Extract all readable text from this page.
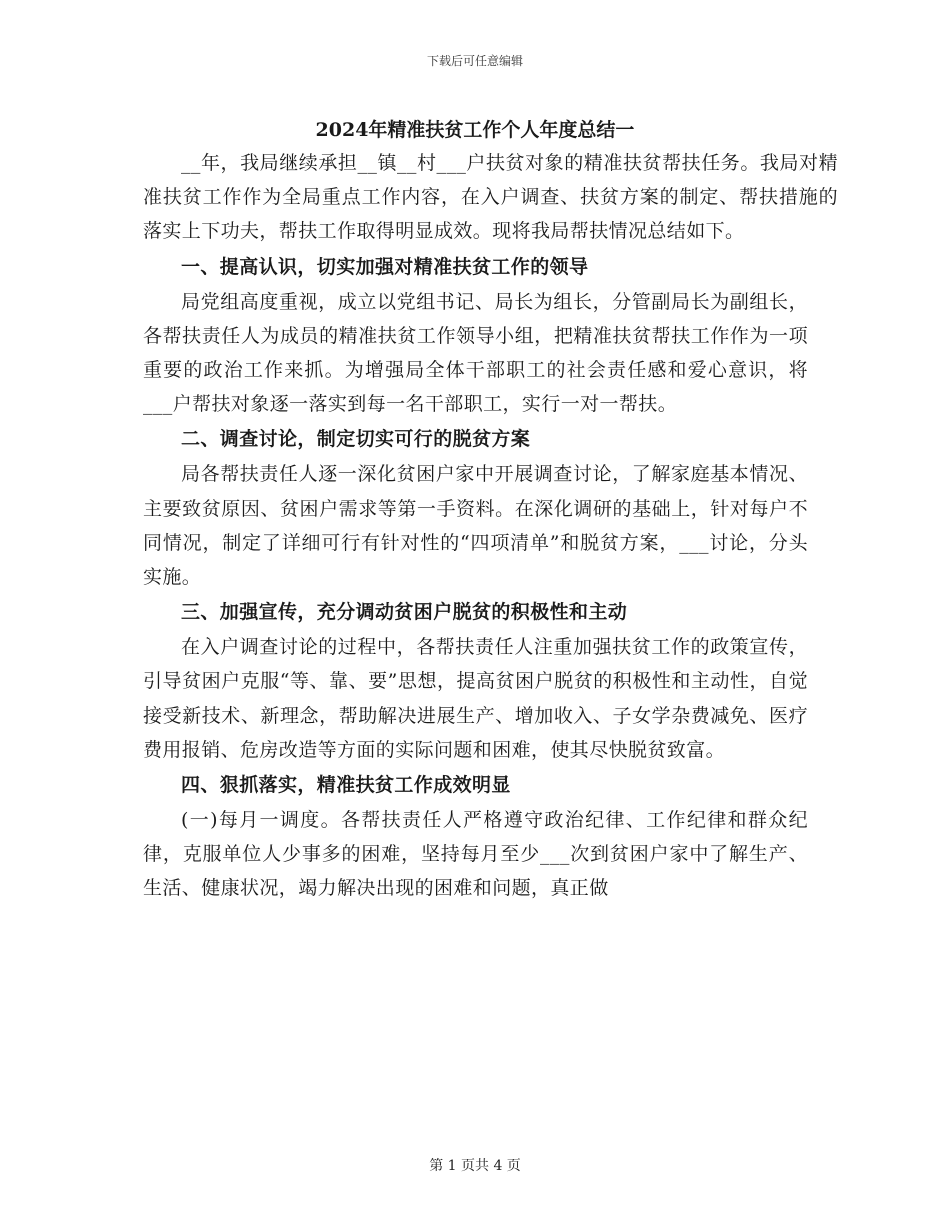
下载后可任意编辑
2024年精准扶贫工作个人年度总结一

__年，我局继续承担__镇__村___户扶贫对象的精准扶贫帮扶任务。我局对精准扶贫工作作为全局重点工作内容，在入户调查、扶贫方案的制定、帮扶措施的落实上下功夫，帮扶工作取得明显成效。现将我局帮扶情况总结如下。

一、提高认识，切实加强对精准扶贫工作的领导

局党组高度重视，成立以党组书记、局长为组长，分管副局长为副组长，各帮扶责任人为成员的精准扶贫工作领导小组，把精准扶贫帮扶工作作为一项重要的政治工作来抓。为增强局全体干部职工的社会责任感和爱心意识，将___户帮扶对象逐一落实到每一名干部职工，实行一对一帮扶。

二、调查讨论，制定切实可行的脱贫方案

局各帮扶责任人逐一深化贫困户家中开展调查讨论，了解家庭基本情况、主要致贫原因、贫困户需求等第一手资料。在深化调研的基础上，针对每户不同情况，制定了详细可行有针对性的“四项清单”和脱贫方案，___讨论，分头实施。

三、加强宣传，充分调动贫困户脱贫的积极性和主动

在入户调查讨论的过程中，各帮扶责任人注重加强扶贫工作的政策宣传，引导贫困户克服“等、靠、要”思想，提高贫困户脱贫的积极性和主动性，自觉接受新技术、新理念，帮助解决进展生产、增加收入、子女学杂费减免、医疗费用报销、危房改造等方面的实际问题和困难，使其尽快脱贫致富。

四、狠抓落实，精准扶贫工作成效明显

(一)每月一调度。各帮扶责任人严格遵守政治纪律、工作纪律和群众纪律，克服单位人少事多的困难，坚持每月至少___次到贫困户家中了解生产、生活、健康状况，竭力解决出现的困难和问题，真正做

第 1 页共 4 页
